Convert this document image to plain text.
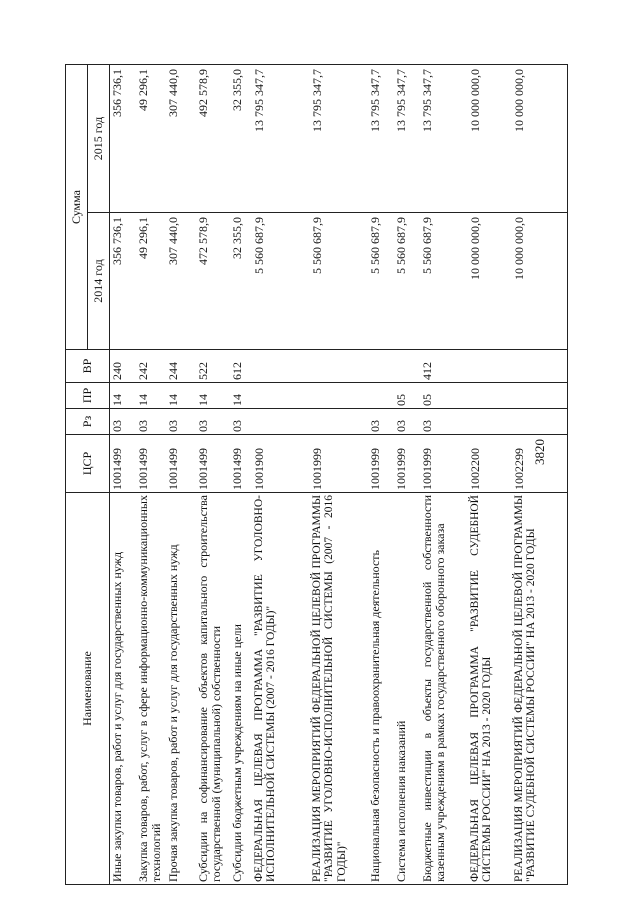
3820
Наименование	ЦСР	Рз	ПР	ВР	Сумма	
					2014 год	2015 год
Иные закупки товаров, работ и услуг для государственных нужд	1001499	03	14	240	356 736,1	356 736,1
Закупка товаров, работ, услуг в сфере информационно-коммуникационных технологий	1001499	03	14	242	49 296,1	49 296,1
Прочая закупка товаров, работ и услуг для государственных нужд	1001499	03	14	244	307 440,0	307 440,0
Субсидии на софинансирование объектов капитального строительства государственной (муниципальной) собственности	1001499	03	14	522	472 578,9	492 578,9
Субсидии бюджетным учреждениям на иные цели	1001499	03	14	612	32 355,0	32 355,0
ФЕДЕРАЛЬНАЯ ЦЕЛЕВАЯ ПРОГРАММА "РАЗВИТИЕ УГОЛОВНО-ИСПОЛНИТЕЛЬНОЙ СИСТЕМЫ (2007 - 2016 ГОДЫ)"	1001900				5 560 687,9	13 795 347,7
РЕАЛИЗАЦИЯ МЕРОПРИЯТИЙ ФЕДЕРАЛЬНОЙ ЦЕЛЕВОЙ ПРОГРАММЫ "РАЗВИТИЕ УГОЛОВНО-ИСПОЛНИТЕЛЬНОЙ СИСТЕМЫ (2007 - 2016 ГОДЫ)"	1001999				5 560 687,9	13 795 347,7
Национальная безопасность и правоохранительная деятельность	1001999	03			5 560 687,9	13 795 347,7
Система исполнения наказаний	1001999	03	05		5 560 687,9	13 795 347,7
Бюджетные инвестиции в объекты государственной собственности казенным учреждениям в рамках государственного оборонного заказа	1001999	03	05	412	5 560 687,9	13 795 347,7
ФЕДЕРАЛЬНАЯ ЦЕЛЕВАЯ ПРОГРАММА "РАЗВИТИЕ СУДЕБНОЙ СИСТЕМЫ РОССИИ" НА 2013 - 2020 ГОДЫ	1002200				10 000 000,0	10 000 000,0
РЕАЛИЗАЦИЯ МЕРОПРИЯТИЙ ФЕДЕРАЛЬНОЙ ЦЕЛЕВОЙ ПРОГРАММЫ "РАЗВИТИЕ СУДЕБНОЙ СИСТЕМЫ РОССИИ" НА 2013 - 2020 ГОДЫ	1002299				10 000 000,0	10 000 000,0
